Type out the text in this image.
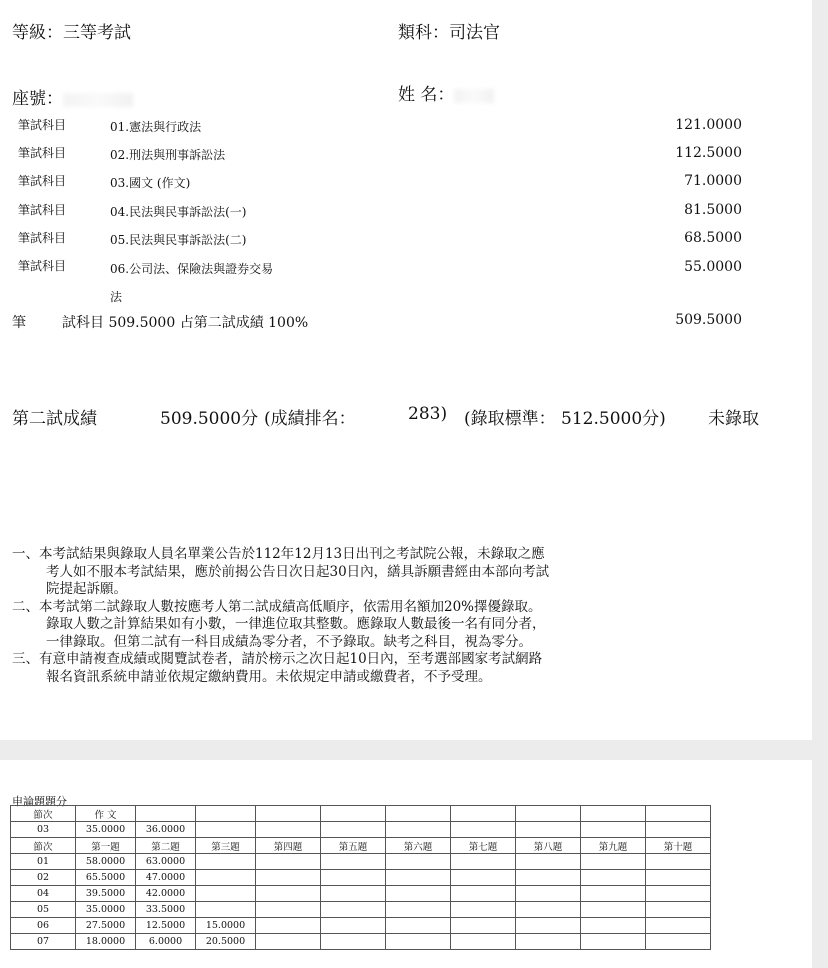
等級：三等考試	類科：司法官
座號：	姓 名：
筆試科目	01.憲法與行政法	121.0000
筆試科目	02.刑法與刑事訴訟法	112.5000
筆試科目	03.國文 (作文)	71.0000
筆試科目	04.民法與民事訴訟法(一)	81.5000
筆試科目	05.民法與民事訴訟法(二)	68.5000
筆試科目	06.公司法、保險法與證券交易	55.0000
法
筆	試科目 509.5000 占第二試成績 100%	509.5000
第二試成績	509.5000分 (成績排名：	283) (錄取標準： 512.5000分) 未錄取
一、本考試結果與錄取人員名單業公告於112年12月13日出刊之考試院公報，未錄取之應
考人如不服本考試結果，應於前揭公告日次日起30日內，繕具訴願書經由本部向考試
院提起訴願。
二、本考試第二試錄取人數按應考人第二試成績高低順序，依需用名額加20%擇優錄取。
錄取人數之計算結果如有小數，一律進位取其整數。應錄取人數最後一名有同分者，
一律錄取。但第二試有一科目成績為零分者，不予錄取。缺考之科目，視為零分。
三、有意申請複查成績或閱覽試卷者，請於榜示之次日起10日內，至考選部國家考試網路
報名資訊系統申請並依規定繳納費用。未依規定申請或繳費者，不予受理。
申論題題分
節次	作 文									
03	35.0000	36.0000								
節次	第一題	第二題	第三題	第四題	第五題	第六題	第七題	第八題	第九題	第十題
01	58.0000	63.0000								
02	65.5000	47.0000								
04	39.5000	42.0000								
05	35.0000	33.5000								
06	27.5000	12.5000	15.0000							
07	18.0000	6.0000	20.5000							
